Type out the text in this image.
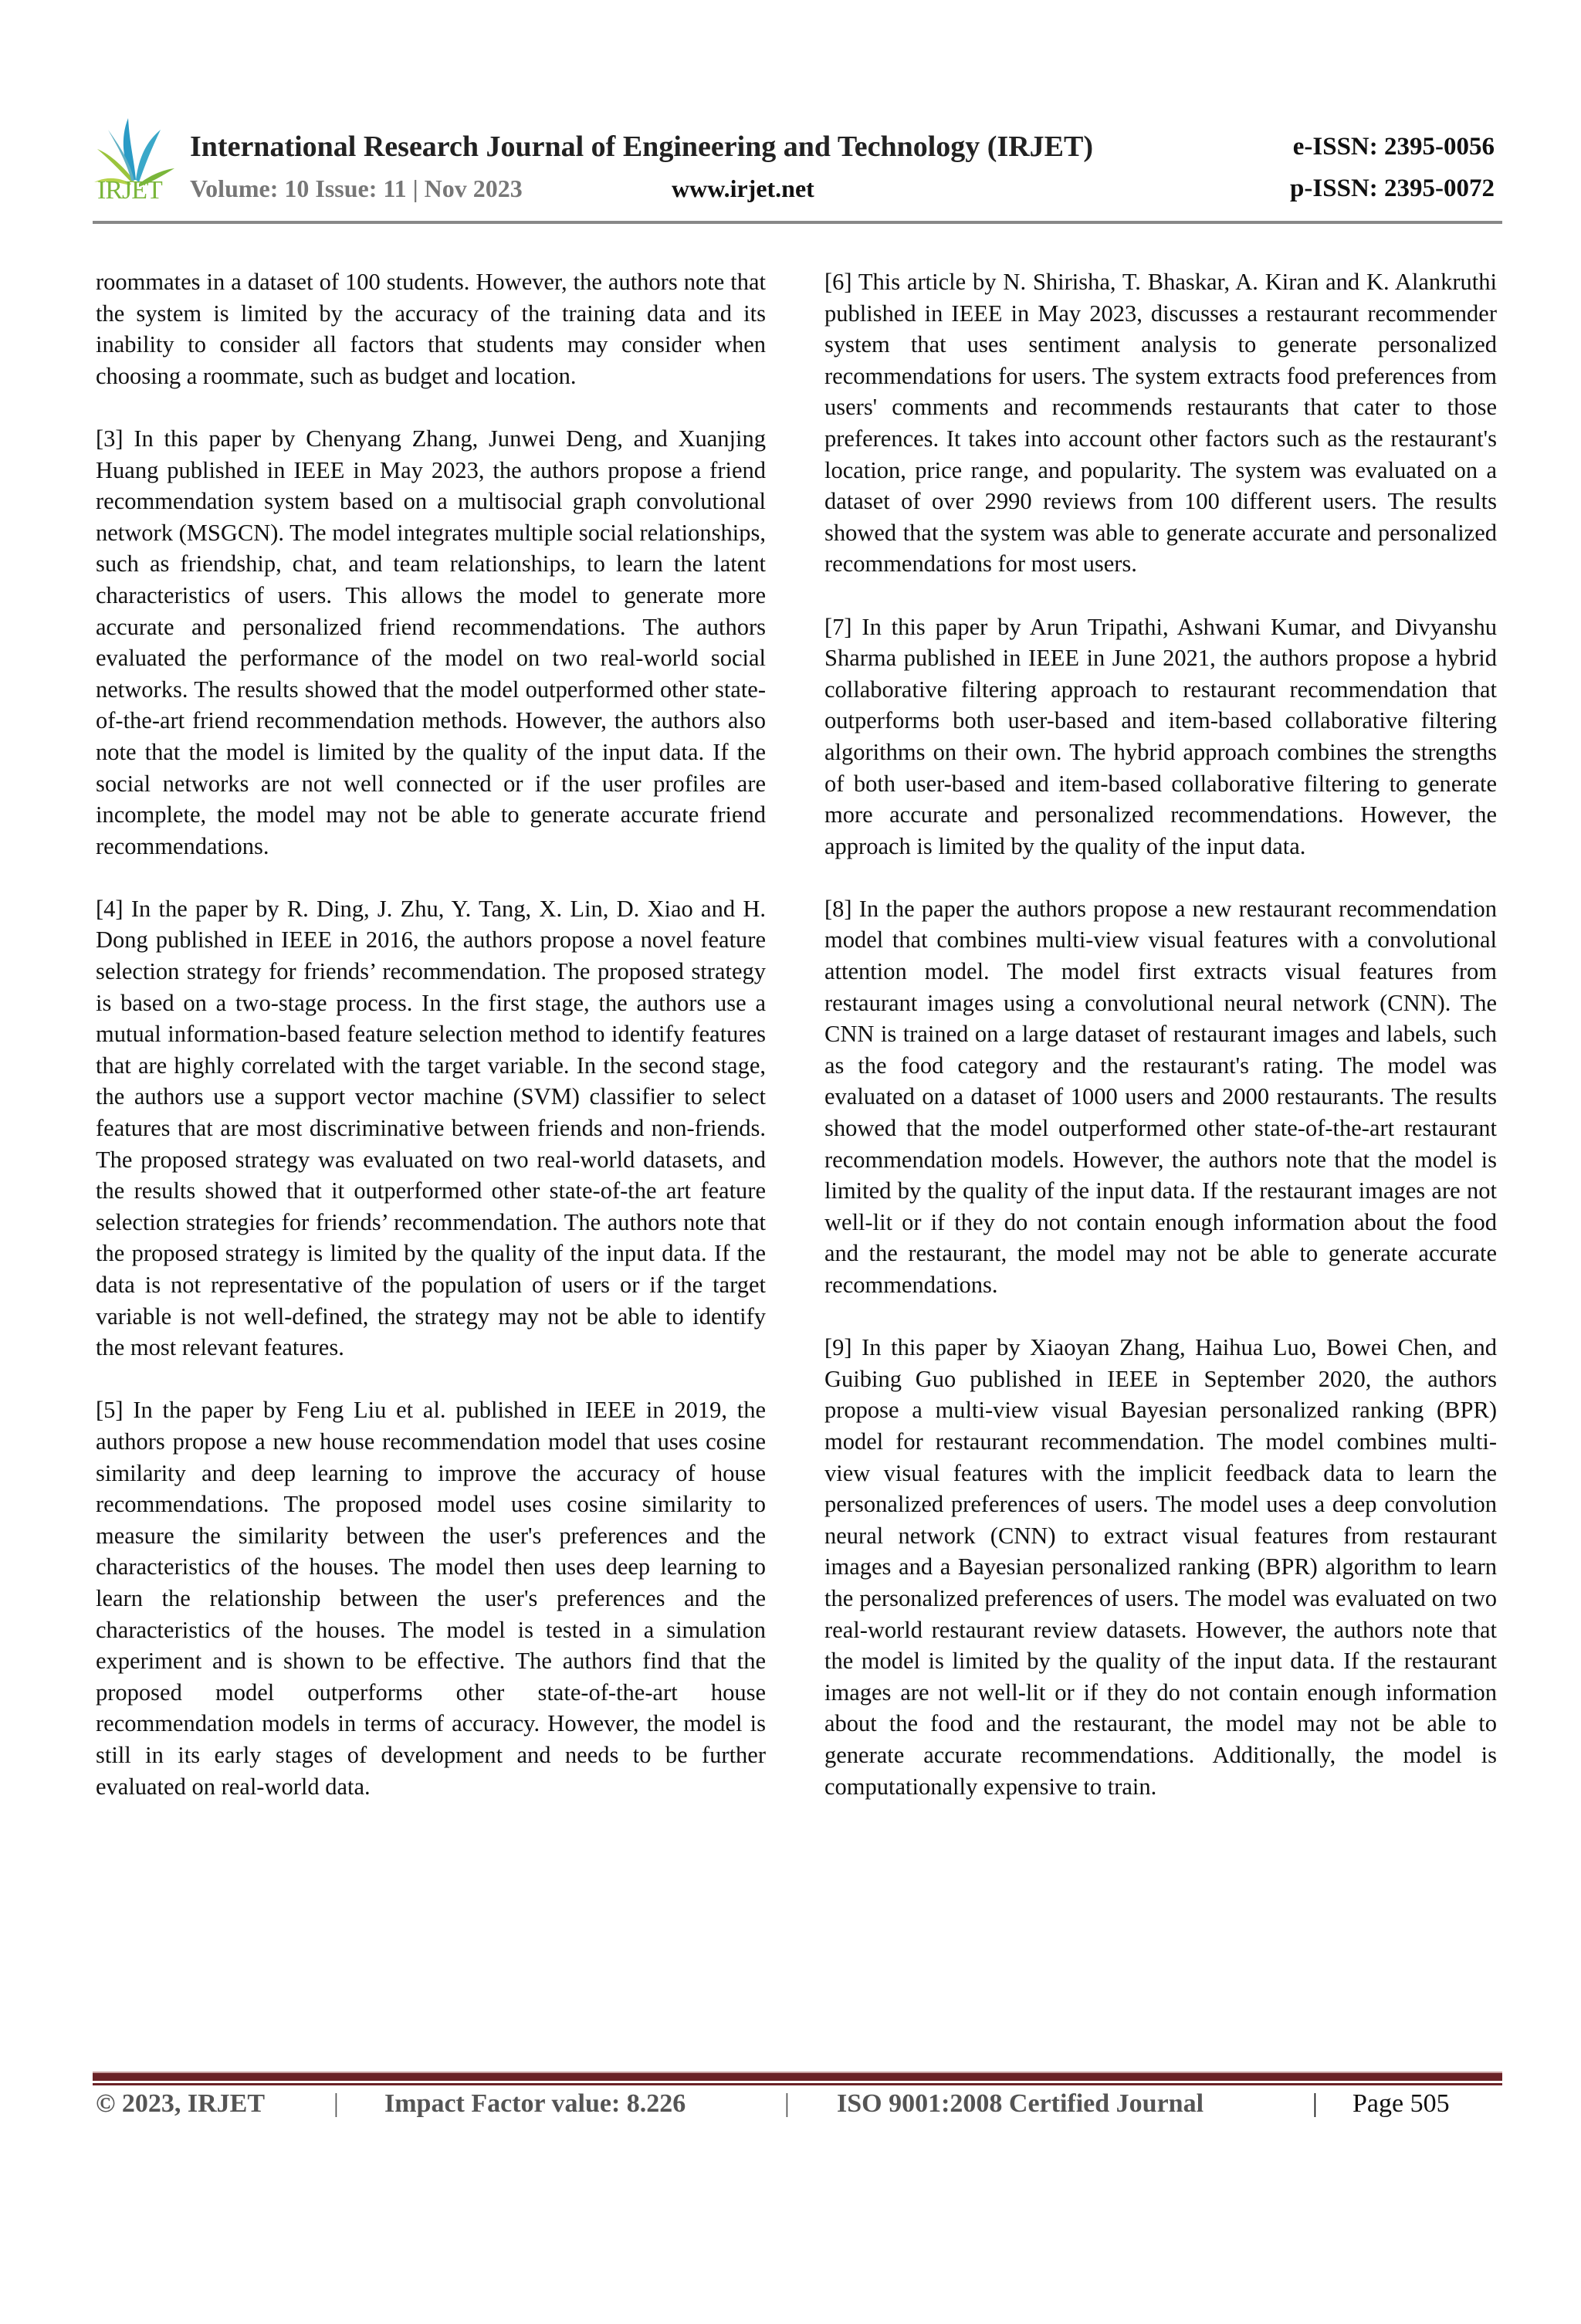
IRJET
International Research Journal of Engineering and Technology (IRJET)
Volume: 10 Issue: 11 | Nov 2023	www.irjet.net
e-ISSN: 2395-0056
p-ISSN: 2395-0072

roommates in a dataset of 100 students. However, the authors note that the system is limited by the accuracy of the training data and its inability to consider all factors that students may consider when choosing a roommate, such as budget and location.

[3] In this paper by Chenyang Zhang, Junwei Deng, and Xuanjing Huang published in IEEE in May 2023, the authors propose a friend recommendation system based on a multisocial graph convolutional network (MSGCN). The model integrates multiple social relationships, such as friendship, chat, and team relationships, to learn the latent characteristics of users. This allows the model to generate more accurate and personalized friend recommendations. The authors evaluated the performance of the model on two real-world social networks. The results showed that the model outperformed other state-of-the-art friend recommendation methods. However, the authors also note that the model is limited by the quality of the input data. If the social networks are not well connected or if the user profiles are incomplete, the model may not be able to generate accurate friend recommendations.

[4] In the paper by R. Ding, J. Zhu, Y. Tang, X. Lin, D. Xiao and H. Dong published in IEEE in 2016, the authors propose a novel feature selection strategy for friends’ recommendation. The proposed strategy is based on a two-stage process. In the first stage, the authors use a mutual information-based feature selection method to identify features that are highly correlated with the target variable. In the second stage, the authors use a support vector machine (SVM) classifier to select features that are most discriminative between friends and non-friends. The proposed strategy was evaluated on two real-world datasets, and the results showed that it outperformed other state-of-the art feature selection strategies for friends’ recommendation. The authors note that the proposed strategy is limited by the quality of the input data. If the data is not representative of the population of users or if the target variable is not well-defined, the strategy may not be able to identify the most relevant features.

[5] In the paper by Feng Liu et al. published in IEEE in 2019, the authors propose a new house recommendation model that uses cosine similarity and deep learning to improve the accuracy of house recommendations. The proposed model uses cosine similarity to measure the similarity between the user's preferences and the characteristics of the houses. The model then uses deep learning to learn the relationship between the user's preferences and the characteristics of the houses. The model is tested in a simulation experiment and is shown to be effective. The authors find that the proposed model outperforms other state-of-the-art house recommendation models in terms of accuracy. However, the model is still in its early stages of development and needs to be further evaluated on real-world data.

[6] This article by N. Shirisha, T. Bhaskar, A. Kiran and K. Alankruthi published in IEEE in May 2023, discusses a restaurant recommender system that uses sentiment analysis to generate personalized recommendations for users. The system extracts food preferences from users' comments and recommends restaurants that cater to those preferences. It takes into account other factors such as the restaurant's location, price range, and popularity. The system was evaluated on a dataset of over 2990 reviews from 100 different users. The results showed that the system was able to generate accurate and personalized recommendations for most users.

[7] In this paper by Arun Tripathi, Ashwani Kumar, and Divyanshu Sharma published in IEEE in June 2021, the authors propose a hybrid collaborative filtering approach to restaurant recommendation that outperforms both user-based and item-based collaborative filtering algorithms on their own. The hybrid approach combines the strengths of both user-based and item-based collaborative filtering to generate more accurate and personalized recommendations. However, the approach is limited by the quality of the input data.

[8] In the paper the authors propose a new restaurant recommendation model that combines multi-view visual features with a convolutional attention model. The model first extracts visual features from restaurant images using a convolutional neural network (CNN). The CNN is trained on a large dataset of restaurant images and labels, such as the food category and the restaurant's rating. The model was evaluated on a dataset of 1000 users and 2000 restaurants. The results showed that the model outperformed other state-of-the-art restaurant recommendation models. However, the authors note that the model is limited by the quality of the input data. If the restaurant images are not well-lit or if they do not contain enough information about the food and the restaurant, the model may not be able to generate accurate recommendations.

[9] In this paper by Xiaoyan Zhang, Haihua Luo, Bowei Chen, and Guibing Guo published in IEEE in September 2020, the authors propose a multi-view visual Bayesian personalized ranking (BPR) model for restaurant recommendation. The model combines multi-view visual features with the implicit feedback data to learn the personalized preferences of users. The model uses a deep convolution neural network (CNN) to extract visual features from restaurant images and a Bayesian personalized ranking (BPR) algorithm to learn the personalized preferences of users. The model was evaluated on two real-world restaurant review datasets. However, the authors note that the model is limited by the quality of the input data. If the restaurant images are not well-lit or if they do not contain enough information about the food and the restaurant, the model may not be able to generate accurate recommendations. Additionally, the model is computationally expensive to train.

© 2023, IRJET

	|

Impact Factor value: 8.226

	|

ISO 9001:2008 Certified Journal

	|

Page 505
